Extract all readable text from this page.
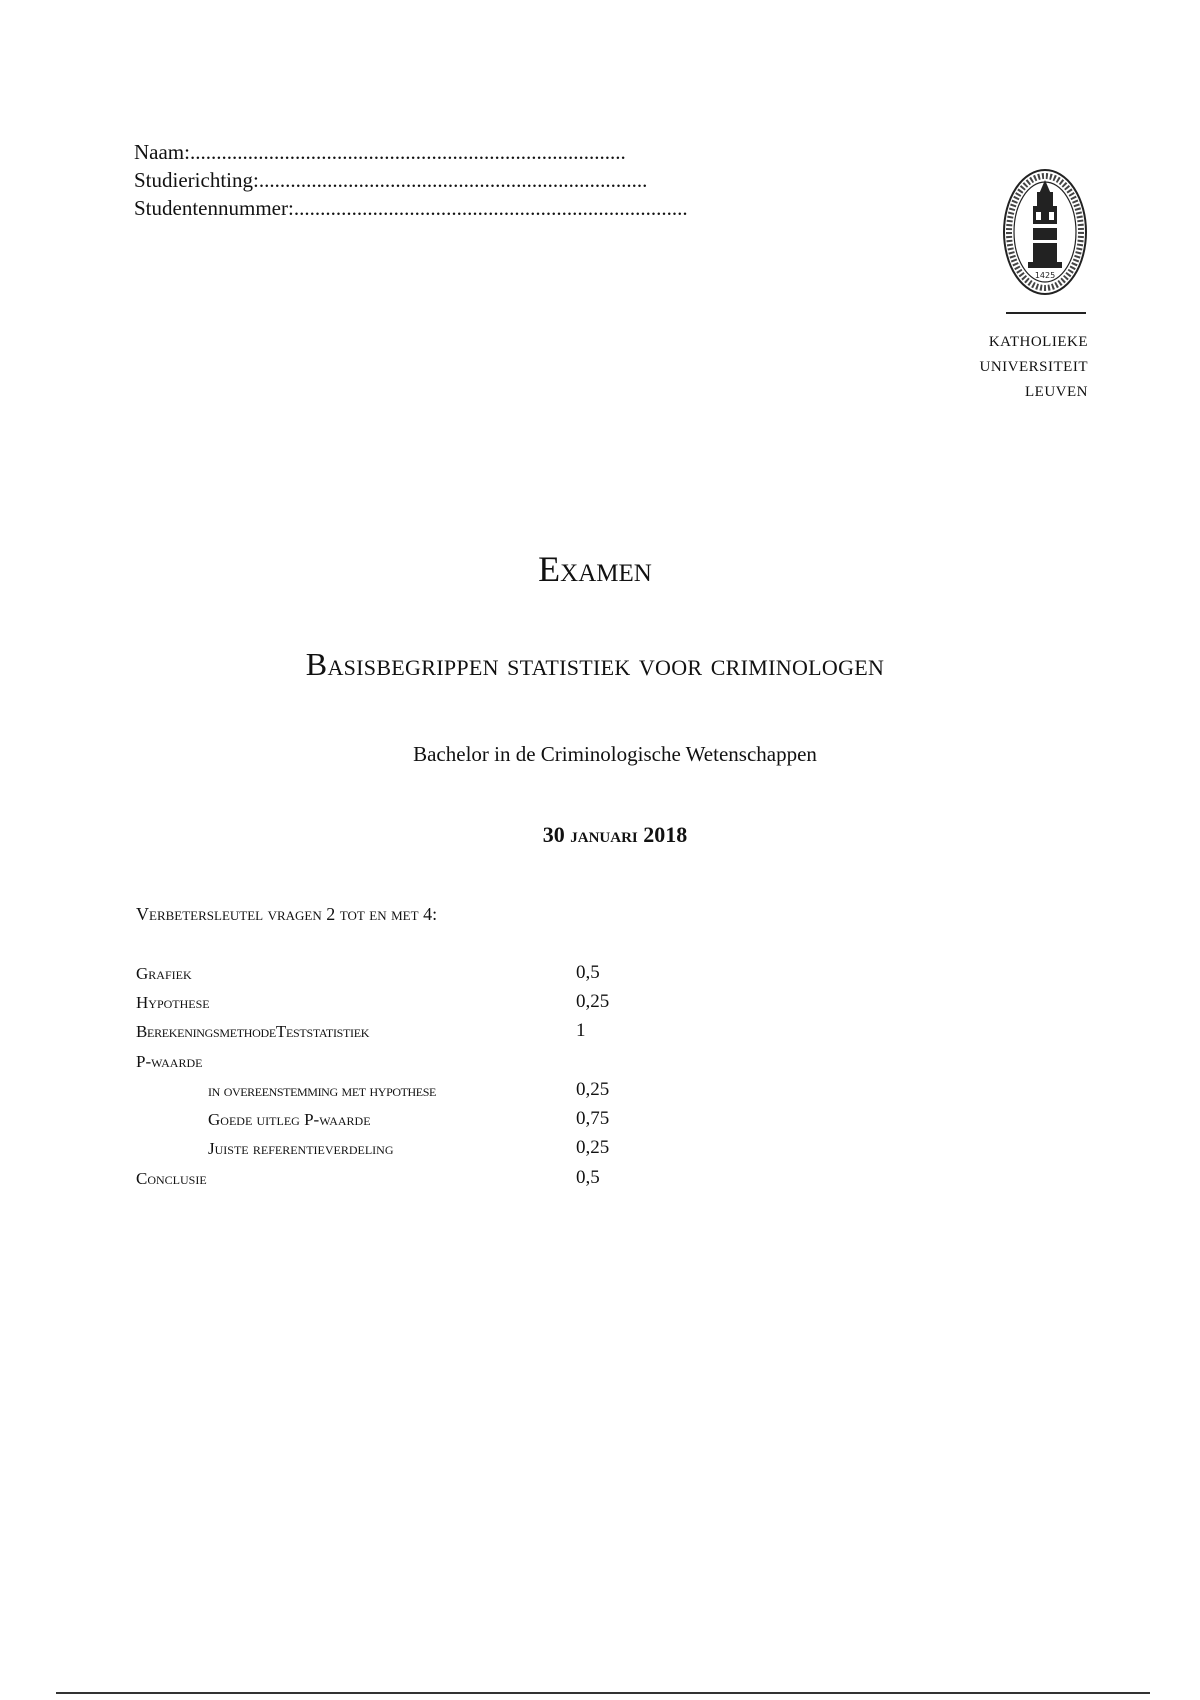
Naam:...................................................................................
Studierichting:..........................................................................
Studentennummer:...........................................................................
1425
KATHOLIEKE
UNIVERSITEIT
LEUVEN
Examen
Basisbegrippen statistiek voor criminologen
Bachelor in de Criminologische Wetenschappen
30 januari 2018
Verbetersleutel vragen 2 tot en met 4:
Grafiek	0,5
Hypothese	0,25
BerekeningsmethodeTeststatistiek	1
P-waarde
in overeenstemming met hypothese	0,25
Goede uitleg P-waarde	0,75
Juiste referentieverdeling	0,25
Conclusie	0,5
